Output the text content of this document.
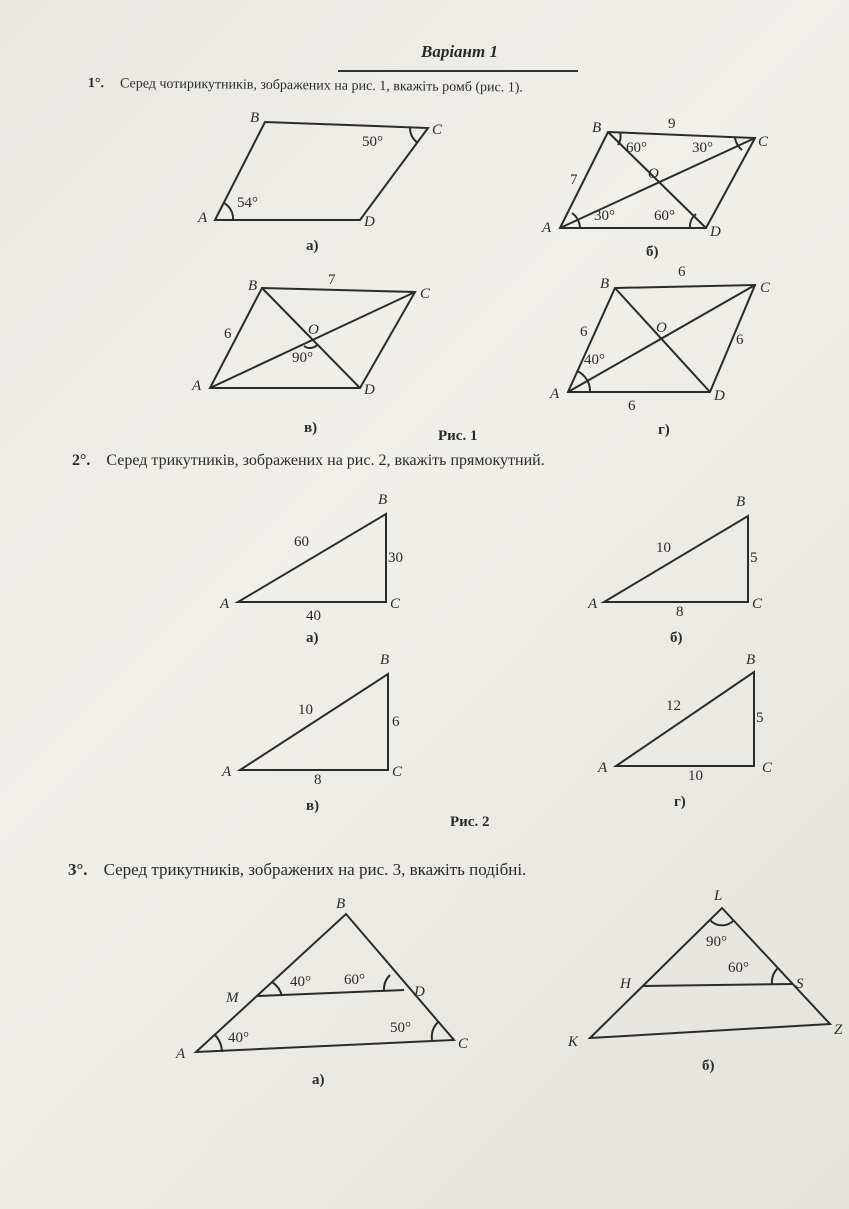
Варіант 1
1°. Серед чотирикутників, зображених на рис. 1, вкажіть ромб (рис. 1).
2°. Серед трикутників, зображених на рис. 2, вкажіть прямокутний.
3°. Серед трикутників, зображених на рис. 3, вкажіть подібні.
Рис. 1
Рис. 2
B
C
A	D
54°
50°
а)
B
C
A	D
O
9
7
60°	30°
30°	60°
б)
B	C
A	D
O
7
6
90°
в)
B	C
A	D
O
6
6	6
6
40°
г)
B
A	C
60
30
40
а)
B
A	C
10
5
8
б)
B
A	C
10
6
8
в)
B
A	C
12
5
10
г)
B
M	D
A
C
40° 60°
40°
50°
а)
L
H	S
K
Z
90°
60°
б)
